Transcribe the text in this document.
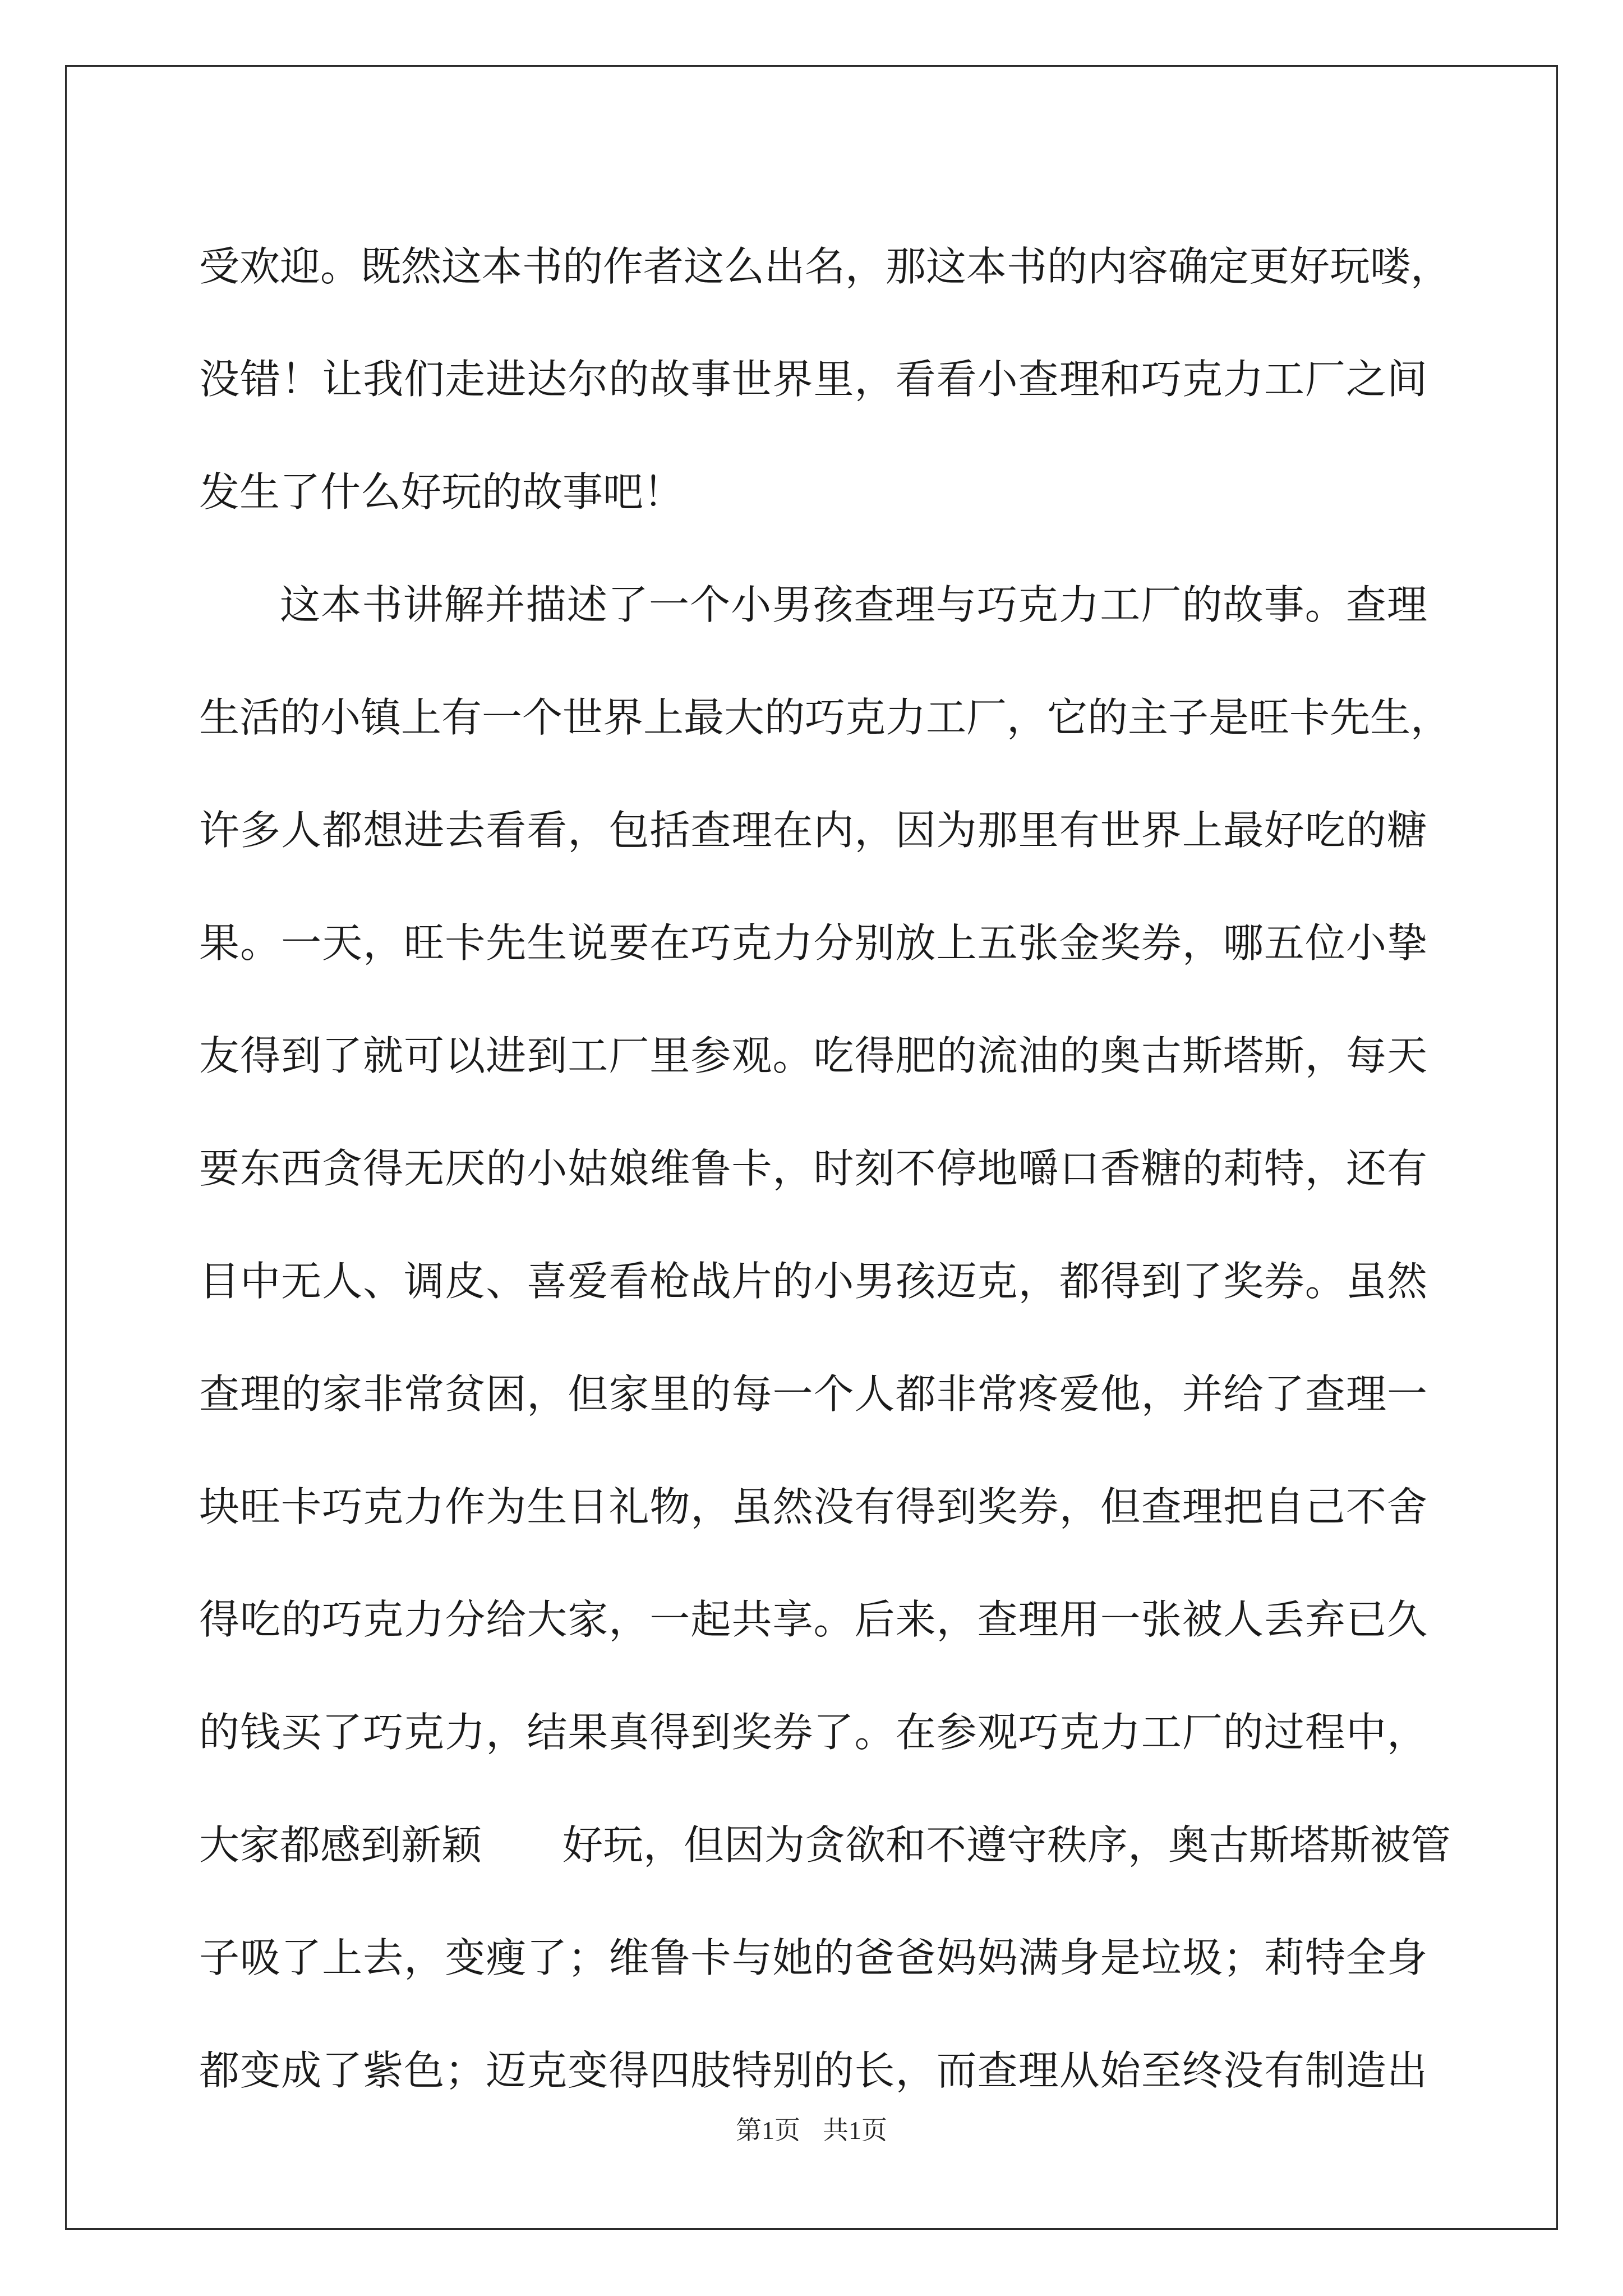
受欢迎。既然这本书的作者这么出名，那这本书的内容确定更好玩喽，
没错！让我们走进达尔的故事世界里，看看小查理和巧克力工厂之间
发生了什么好玩的故事吧！
这本书讲解并描述了一个小男孩查理与巧克力工厂的故事。查理
生活的小镇上有一个世界上最大的巧克力工厂，它的主子是旺卡先生，
许多人都想进去看看，包括查理在内，因为那里有世界上最好吃的糖
果。一天，旺卡先生说要在巧克力分别放上五张金奖券，哪五位小挚
友得到了就可以进到工厂里参观。吃得肥的流油的奥古斯塔斯，每天
要东西贪得无厌的小姑娘维鲁卡，时刻不停地嚼口香糖的莉特，还有
目中无人、调皮、喜爱看枪战片的小男孩迈克，都得到了奖券。虽然
查理的家非常贫困，但家里的每一个人都非常疼爱他，并给了查理一
块旺卡巧克力作为生日礼物，虽然没有得到奖券，但查理把自己不舍
得吃的巧克力分给大家，一起共享。后来，查理用一张被人丢弃已久
的钱买了巧克力，结果真得到奖券了。在参观巧克力工厂的过程中，
大家都感到新颖　　好玩，但因为贪欲和不遵守秩序，奥古斯塔斯被管
子吸了上去，变瘦了；维鲁卡与她的爸爸妈妈满身是垃圾；莉特全身
都变成了紫色；迈克变得四肢特别的长，而查理从始至终没有制造出
第1页 共1页
